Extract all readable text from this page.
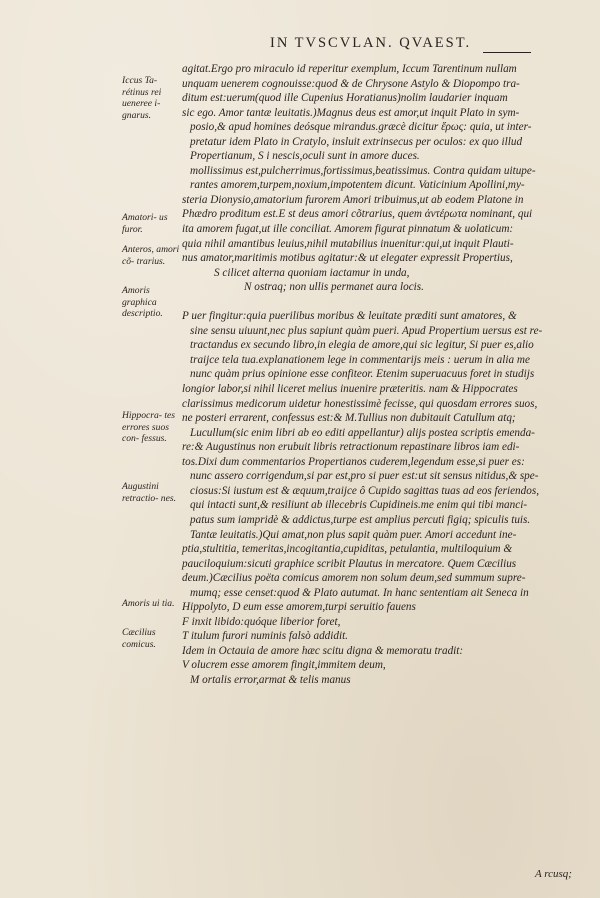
IN TVSCVLAN. QVAEST.
Iccus Ta- rétinus rei ueneree i- gnarus.
Amatori- us furor.
Anteros, amori cõ- trarius.
Amoris graphica descriptio.
Hippocra- tes errores suos con- fessus.
Augustini retractio- nes.
Amoris ui tia.
Cæcilius comicus.
agitat.Ergo pro miraculo id reperitur exemplum, Iccum Tarentinum nullam
unquam uenerem cognouisse:quod & de Chrysone Astylo & Diopompo tra-
ditum est:uerum(quod ille Cupenius Horatianus)nolim laudarier inquam
sic ego. Amor tantæ leuitatis.)Magnus deus est amor,ut inquit Plato in sym-
posio,& apud homines deósque mirandus.græcè dicitur ἔρως: quia, ut inter-
pretatur idem Plato in Cratylo, insluit extrinsecus per oculos: ex quo illud
Propertianum, S i nescis,oculi sunt in amore duces.
mollissimus est,pulcherrimus,fortissimus,beatissimus. Contra quidam uitupe-
rantes amorem,turpem,noxium,impotentem dicunt. Vaticinium Apollini,my-
steria Dionysio,amatorium furorem Amori tribuimus,ut ab eodem Platone in
Phædro proditum est.E st deus amori cõtrarius, quem ἀντέρωτα nominant, qui
ita amorem fugat,ut ille conciliat. Amorem figurat pinnatum & uolaticum:
quia nihil amantibus leuius,nihil mutabilius inuenitur:qui,ut inquit Plauti-
nus amator,maritimis motibus agitatur:& ut elegater expressit Propertius,
S cilicet alterna quoniam iactamur in unda,
N ostraq; non ullis permanet aura locis.
P uer fingitur:quia puerilibus moribus & leuitate præditi sunt amatores, &
sine sensu uiuunt,nec plus sapiunt quàm pueri. Apud Propertium uersus est re-
tractandus ex secundo libro,in elegia de amore,qui sic legitur, Si puer es,alio
traijce tela tua.explanationem lege in commentarijs meis : uerum in alia me
nunc quàm prius opinione esse confiteor. Etenim superuacuus foret in studijs
longior labor,si nihil liceret melius inuenire præteritis. nam & Hippocrates
clarissimus medicorum uidetur honestissimè fecisse, qui quosdam errores suos,
ne posteri errarent, confessus est:& M.Tullius non dubitauit Catullum atq;
Lucullum(sic enim libri ab eo editi appellantur) alijs postea scriptis emenda-
re:& Augustinus non erubuit libris retractionum repastinare libros iam edi-
tos.Dixi dum commentarios Propertianos cuderem,legendum esse,si puer es:
nunc assero corrigendum,si par est,pro si puer est:ut sit sensus nitidus,& spe-
ciosus:Si iustum est & æquum,traijce ô Cupido sagittas tuas ad eos feriendos,
qui intacti sunt,& resiliunt ab illecebris Cupidineis.me enim qui tibi manci-
patus sum iampridè & addictus,turpe est amplius percuti figiq; spiculis tuis.
Tantæ leuitatis.)Qui amat,non plus sapit quàm puer. Amori accedunt ine-
ptia,stultitia, temeritas,incogitantia,cupiditas, petulantia, multiloquium &
pauciloquium:sicuti graphice scribit Plautus in mercatore. Quem Cæcilius
deum.)Cæcilius poëta comicus amorem non solum deum,sed summum supre-
mumq; esse censet:quod & Plato autumat. In hanc sententiam ait Seneca in
Hippolyto, D eum esse amorem,turpi seruitio fauens
F inxit libido:quóque liberior foret,
T itulum furori numinis falsò addidit.
Idem in Octauia de amore hæc scitu digna & memoratu tradit:
V olucrem esse amorem fingit,immitem deum,
M ortalis error,armat & telis manus
A rcusq;
